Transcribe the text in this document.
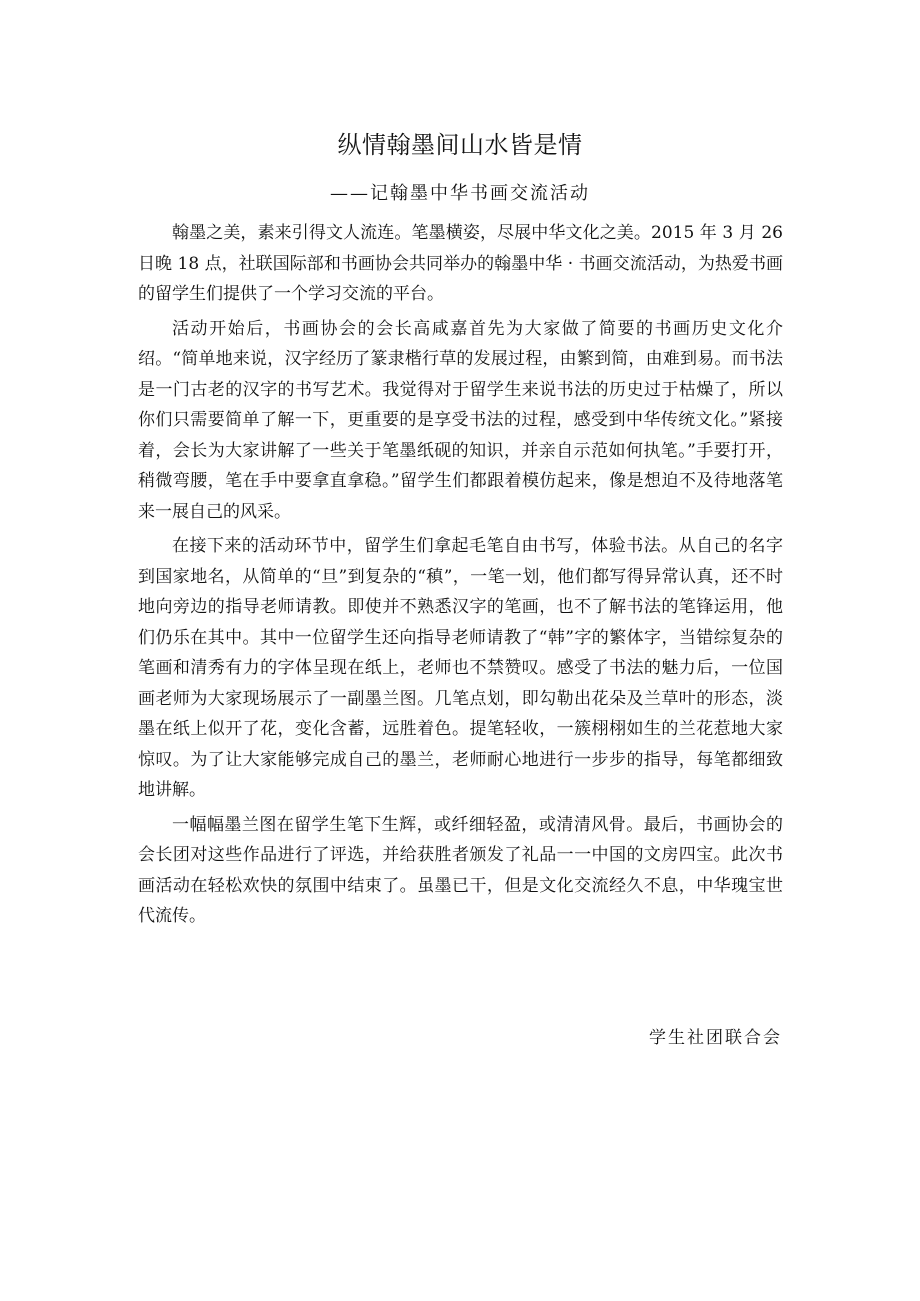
纵情翰墨间山水皆是情
——记翰墨中华书画交流活动

翰墨之美，素来引得文人流连。笔墨横姿，尽展中华文化之美。2015 年 3 月 26 日晚 18 点，社联国际部和书画协会共同举办的翰墨中华 · 书画交流活动，为热爱书画的留学生们提供了一个学习交流的平台。

活动开始后，书画协会的会长高咸嘉首先为大家做了简要的书画历史文化介绍。“简单地来说，汉字经历了篆隶楷行草的发展过程，由繁到简，由难到易。而书法是一门古老的汉字的书写艺术。我觉得对于留学生来说书法的历史过于枯燥了，所以你们只需要简单了解一下，更重要的是享受书法的过程，感受到中华传统文化。”紧接着，会长为大家讲解了一些关于笔墨纸砚的知识，并亲自示范如何执笔。”手要打开，稍微弯腰，笔在手中要拿直拿稳。”留学生们都跟着模仿起来，像是想迫不及待地落笔来一展自己的风采。

在接下来的活动环节中，留学生们拿起毛笔自由书写，体验书法。从自己的名字到国家地名，从简单的“旦”到复杂的“稹”，一笔一划，他们都写得异常认真，还不时地向旁边的指导老师请教。即使并不熟悉汉字的笔画，也不了解书法的笔锋运用，他们仍乐在其中。其中一位留学生还向指导老师请教了“韩”字的繁体字，当错综复杂的笔画和清秀有力的字体呈现在纸上，老师也不禁赞叹。感受了书法的魅力后，一位国画老师为大家现场展示了一副墨兰图。几笔点划，即勾勒出花朵及兰草叶的形态，淡墨在纸上似开了花，变化含蓄，远胜着色。提笔轻收，一簇栩栩如生的兰花惹地大家惊叹。为了让大家能够完成自己的墨兰，老师耐心地进行一步步的指导，每笔都细致地讲解。

一幅幅墨兰图在留学生笔下生辉，或纤细轻盈，或清清风骨。最后，书画协会的会长团对这些作品进行了评选，并给获胜者颁发了礼品一一中国的文房四宝。此次书画活动在轻松欢快的氛围中结束了。虽墨已干，但是文化交流经久不息，中华瑰宝世代流传。

学生社团联合会
